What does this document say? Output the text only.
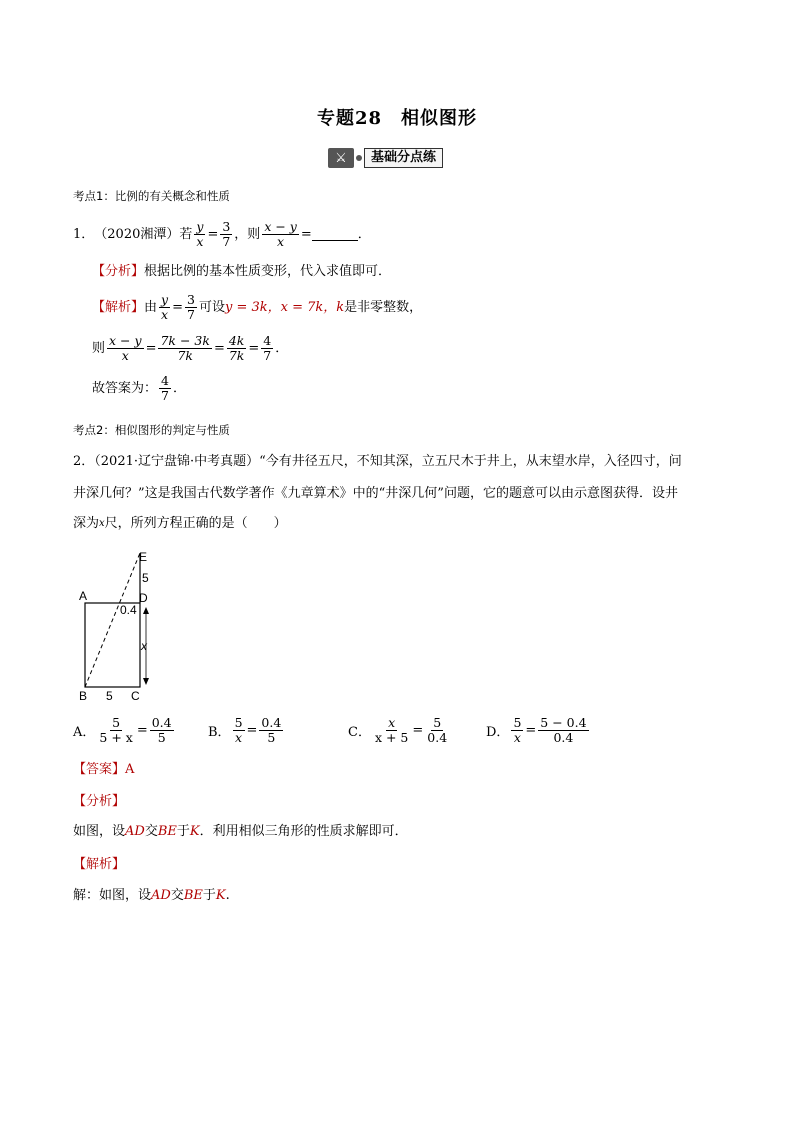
专题28　相似图形
⚔	基础分点练
考点1：比例的有关概念和性质
1． （2020湘潭）若 $\frac{y}{x} = \frac{3}{7}$ ，则 $\frac{x - y}{x}$ =	．
【分析】根据比例的基本性质变形，代入求值即可．
【解析】 由 $\frac{y}{x} = \frac{3}{7}$ 可设 y = 3k，x = 7k，k 是非零整数，
则 $\frac{x - y}{x} = \frac{7k - 3k}{7k} = \frac{4k}{7k} = \frac{4}{7}$ ．
故答案为： $\frac{4}{7}$ ．
考点2：相似图形的判定与性质
2．（2021·辽宁盘锦·中考真题）“今有井径五尺，不知其深，立五尺木于井上，从末望水岸，入径四寸，问
井深几何？”这是我国古代数学著作《九章算术》中的“井深几何”问题，它的题意可以由示意图获得．设井
深为$^x$尺，所列方程正确的是（　　）
A
B	C
D
E
5
0.4
x
5
A． $\frac{5}{5 + x} = \frac{0.4}{5}$	B． $\frac{5}{x} = \frac{0.4}{5}$	C． $\frac{x}{x + 5} = \frac{5}{0.4}$	D． $\frac{5}{x} = \frac{5 - 0.4}{0.4}$
【答案】A
【分析】
如图，设AD交BE于K．利用相似三角形的性质求解即可．
【解析】
解：如图，设AD交BE于K.
